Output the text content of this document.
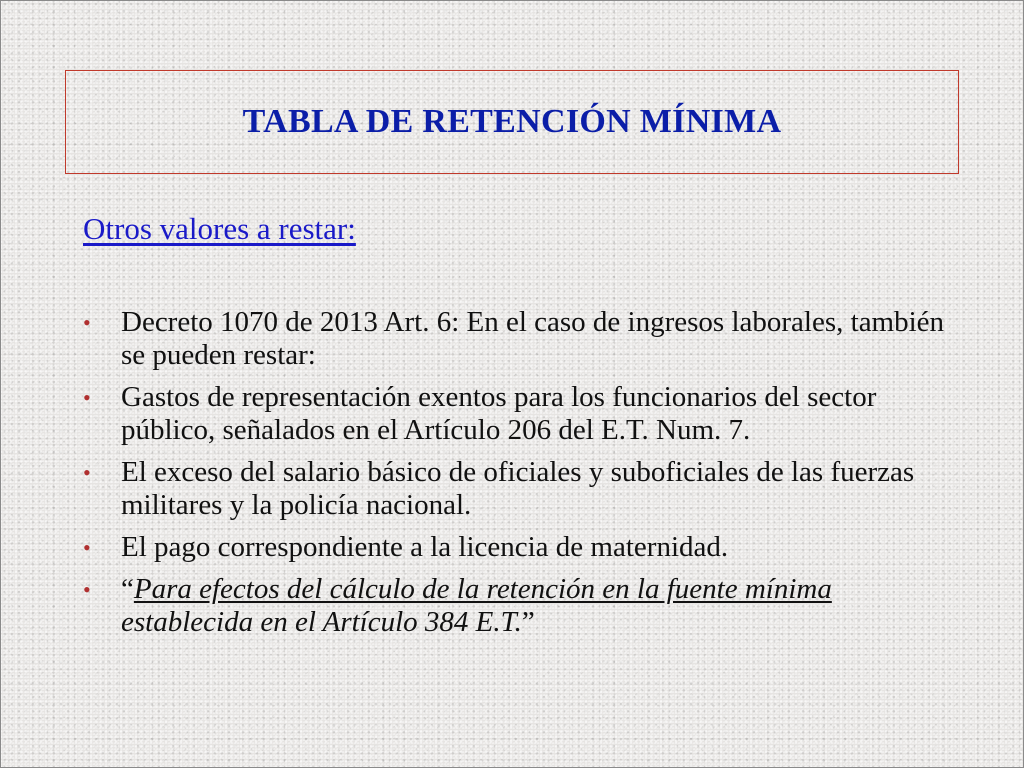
TABLA DE RETENCIÓN MÍNIMA
Otros valores a restar:
• Decreto 1070 de 2013 Art. 6: En el caso de ingresos laborales, también se pueden restar:
• Gastos de representación exentos para los funcionarios del sector público, señalados en el Artículo 206 del E.T. Num. 7.
• El exceso del salario básico de oficiales y suboficiales de las fuerzas militares y la policía nacional.
• El pago correspondiente a la licencia de maternidad.
• “Para efectos del cálculo de la retención en la fuente mínima establecida en el Artículo 384 E.T.”
